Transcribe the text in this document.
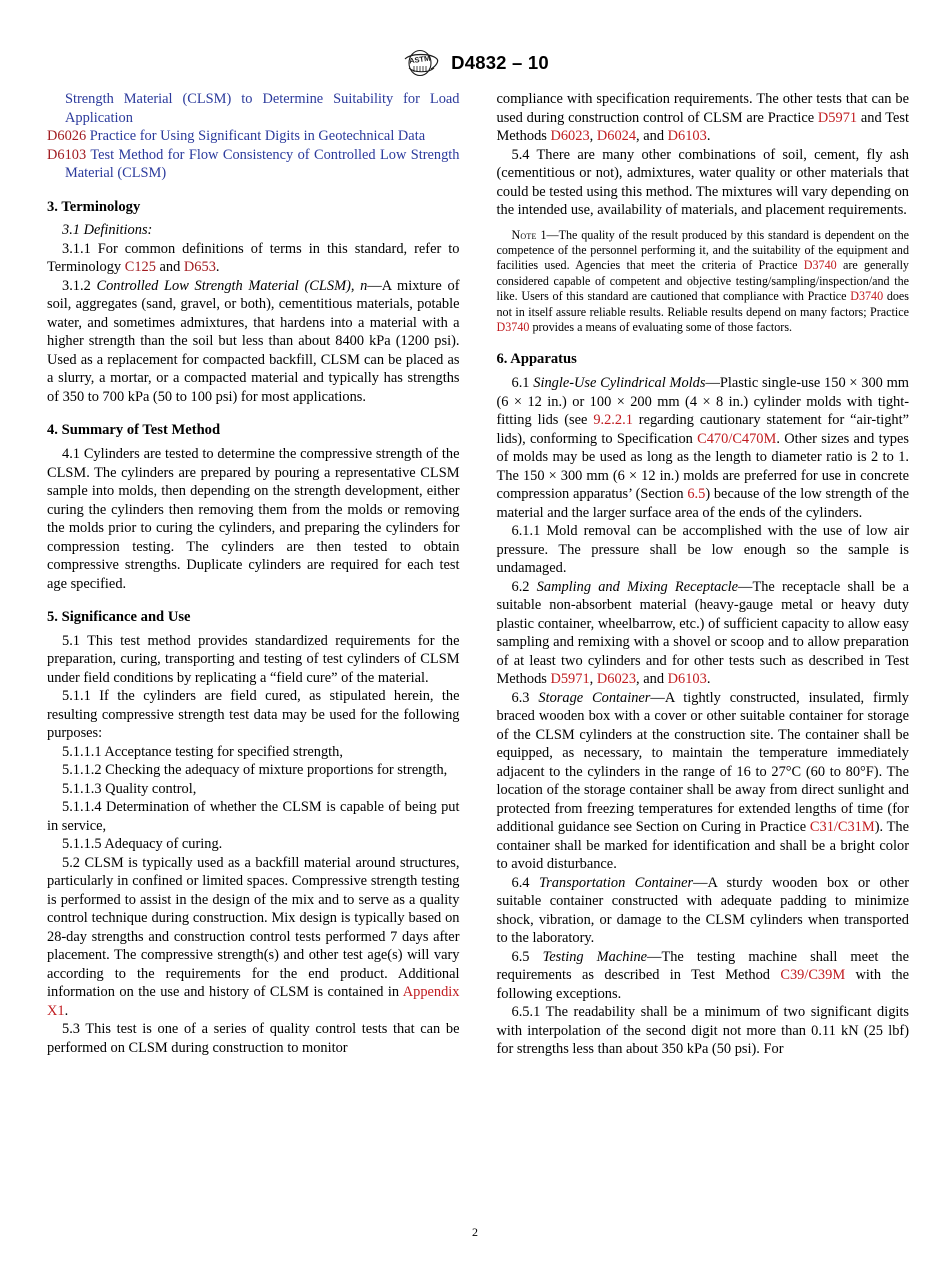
ASTM D4832 – 10

Strength Material (CLSM) to Determine Suitability for Load Application

D6026 Practice for Using Significant Digits in Geotechnical Data

D6103 Test Method for Flow Consistency of Controlled Low Strength Material (CLSM)

3. Terminology

3.1 Definitions:

3.1.1 For common definitions of terms in this standard, refer to Terminology C125 and D653.

3.1.2 Controlled Low Strength Material (CLSM), n—A mixture of soil, aggregates (sand, gravel, or both), cementitious materials, potable water, and sometimes admixtures, that hardens into a material with a higher strength than the soil but less than about 8400 kPa (1200 psi). Used as a replacement for compacted backfill, CLSM can be placed as a slurry, a mortar, or a compacted material and typically has strengths of 350 to 700 kPa (50 to 100 psi) for most applications.

4. Summary of Test Method

4.1 Cylinders are tested to determine the compressive strength of the CLSM. The cylinders are prepared by pouring a representative CLSM sample into molds, then depending on the strength development, either curing the cylinders then removing them from the molds or removing the molds prior to curing the cylinders, and preparing the cylinders for compression testing. The cylinders are then tested to obtain compressive strengths. Duplicate cylinders are required for each test age specified.

5. Significance and Use

5.1 This test method provides standardized requirements for the preparation, curing, transporting and testing of test cylinders of CLSM under field conditions by replicating a “field cure” of the material.

5.1.1 If the cylinders are field cured, as stipulated herein, the resulting compressive strength test data may be used for the following purposes:

5.1.1.1 Acceptance testing for specified strength,

5.1.1.2 Checking the adequacy of mixture proportions for strength,

5.1.1.3 Quality control,

5.1.1.4 Determination of whether the CLSM is capable of being put in service,

5.1.1.5 Adequacy of curing.

5.2 CLSM is typically used as a backfill material around structures, particularly in confined or limited spaces. Compressive strength testing is performed to assist in the design of the mix and to serve as a quality control technique during construction. Mix design is typically based on 28-day strengths and construction control tests performed 7 days after placement. The compressive strength(s) and other test age(s) will vary according to the requirements for the end product. Additional information on the use and history of CLSM is contained in Appendix X1.

5.3 This test is one of a series of quality control tests that can be performed on CLSM during construction to monitor

compliance with specification requirements. The other tests that can be used during construction control of CLSM are Practice D5971 and Test Methods D6023, D6024, and D6103.

5.4 There are many other combinations of soil, cement, fly ash (cementitious or not), admixtures, water quality or other materials that could be tested using this method. The mixtures will vary depending on the intended use, availability of materials, and placement requirements.

Note 1—The quality of the result produced by this standard is dependent on the competence of the personnel performing it, and the suitability of the equipment and facilities used. Agencies that meet the criteria of Practice D3740 are generally considered capable of competent and objective testing/sampling/inspection/and the like. Users of this standard are cautioned that compliance with Practice D3740 does not in itself assure reliable results. Reliable results depend on many factors; Practice D3740 provides a means of evaluating some of those factors.

6. Apparatus

6.1 Single-Use Cylindrical Molds—Plastic single-use 150 × 300 mm (6 × 12 in.) or 100 × 200 mm (4 × 8 in.) cylinder molds with tight-fitting lids (see 9.2.2.1 regarding cautionary statement for “air-tight” lids), conforming to Specification C470/C470M. Other sizes and types of molds may be used as long as the length to diameter ratio is 2 to 1. The 150 × 300 mm (6 × 12 in.) molds are preferred for use in concrete compression apparatus’ (Section 6.5) because of the low strength of the material and the larger surface area of the ends of the cylinders.

6.1.1 Mold removal can be accomplished with the use of low air pressure. The pressure shall be low enough so the sample is undamaged.

6.2 Sampling and Mixing Receptacle—The receptacle shall be a suitable non-absorbent material (heavy-gauge metal or heavy duty plastic container, wheelbarrow, etc.) of sufficient capacity to allow easy sampling and remixing with a shovel or scoop and to allow preparation of at least two cylinders and for other tests such as described in Test Methods D5971, D6023, and D6103.

6.3 Storage Container—A tightly constructed, insulated, firmly braced wooden box with a cover or other suitable container for storage of the CLSM cylinders at the construction site. The container shall be equipped, as necessary, to maintain the temperature immediately adjacent to the cylinders in the range of 16 to 27°C (60 to 80°F). The location of the storage container shall be away from direct sunlight and protected from freezing temperatures for extended lengths of time (for additional guidance see Section on Curing in Practice C31/C31M). The container shall be marked for identification and shall be a bright color to avoid disturbance.

6.4 Transportation Container—A sturdy wooden box or other suitable container constructed with adequate padding to minimize shock, vibration, or damage to the CLSM cylinders when transported to the laboratory.

6.5 Testing Machine—The testing machine shall meet the requirements as described in Test Method C39/C39M with the following exceptions.

6.5.1 The readability shall be a minimum of two significant digits with interpolation of the second digit not more than 0.11 kN (25 lbf) for strengths less than about 350 kPa (50 psi). For

2
